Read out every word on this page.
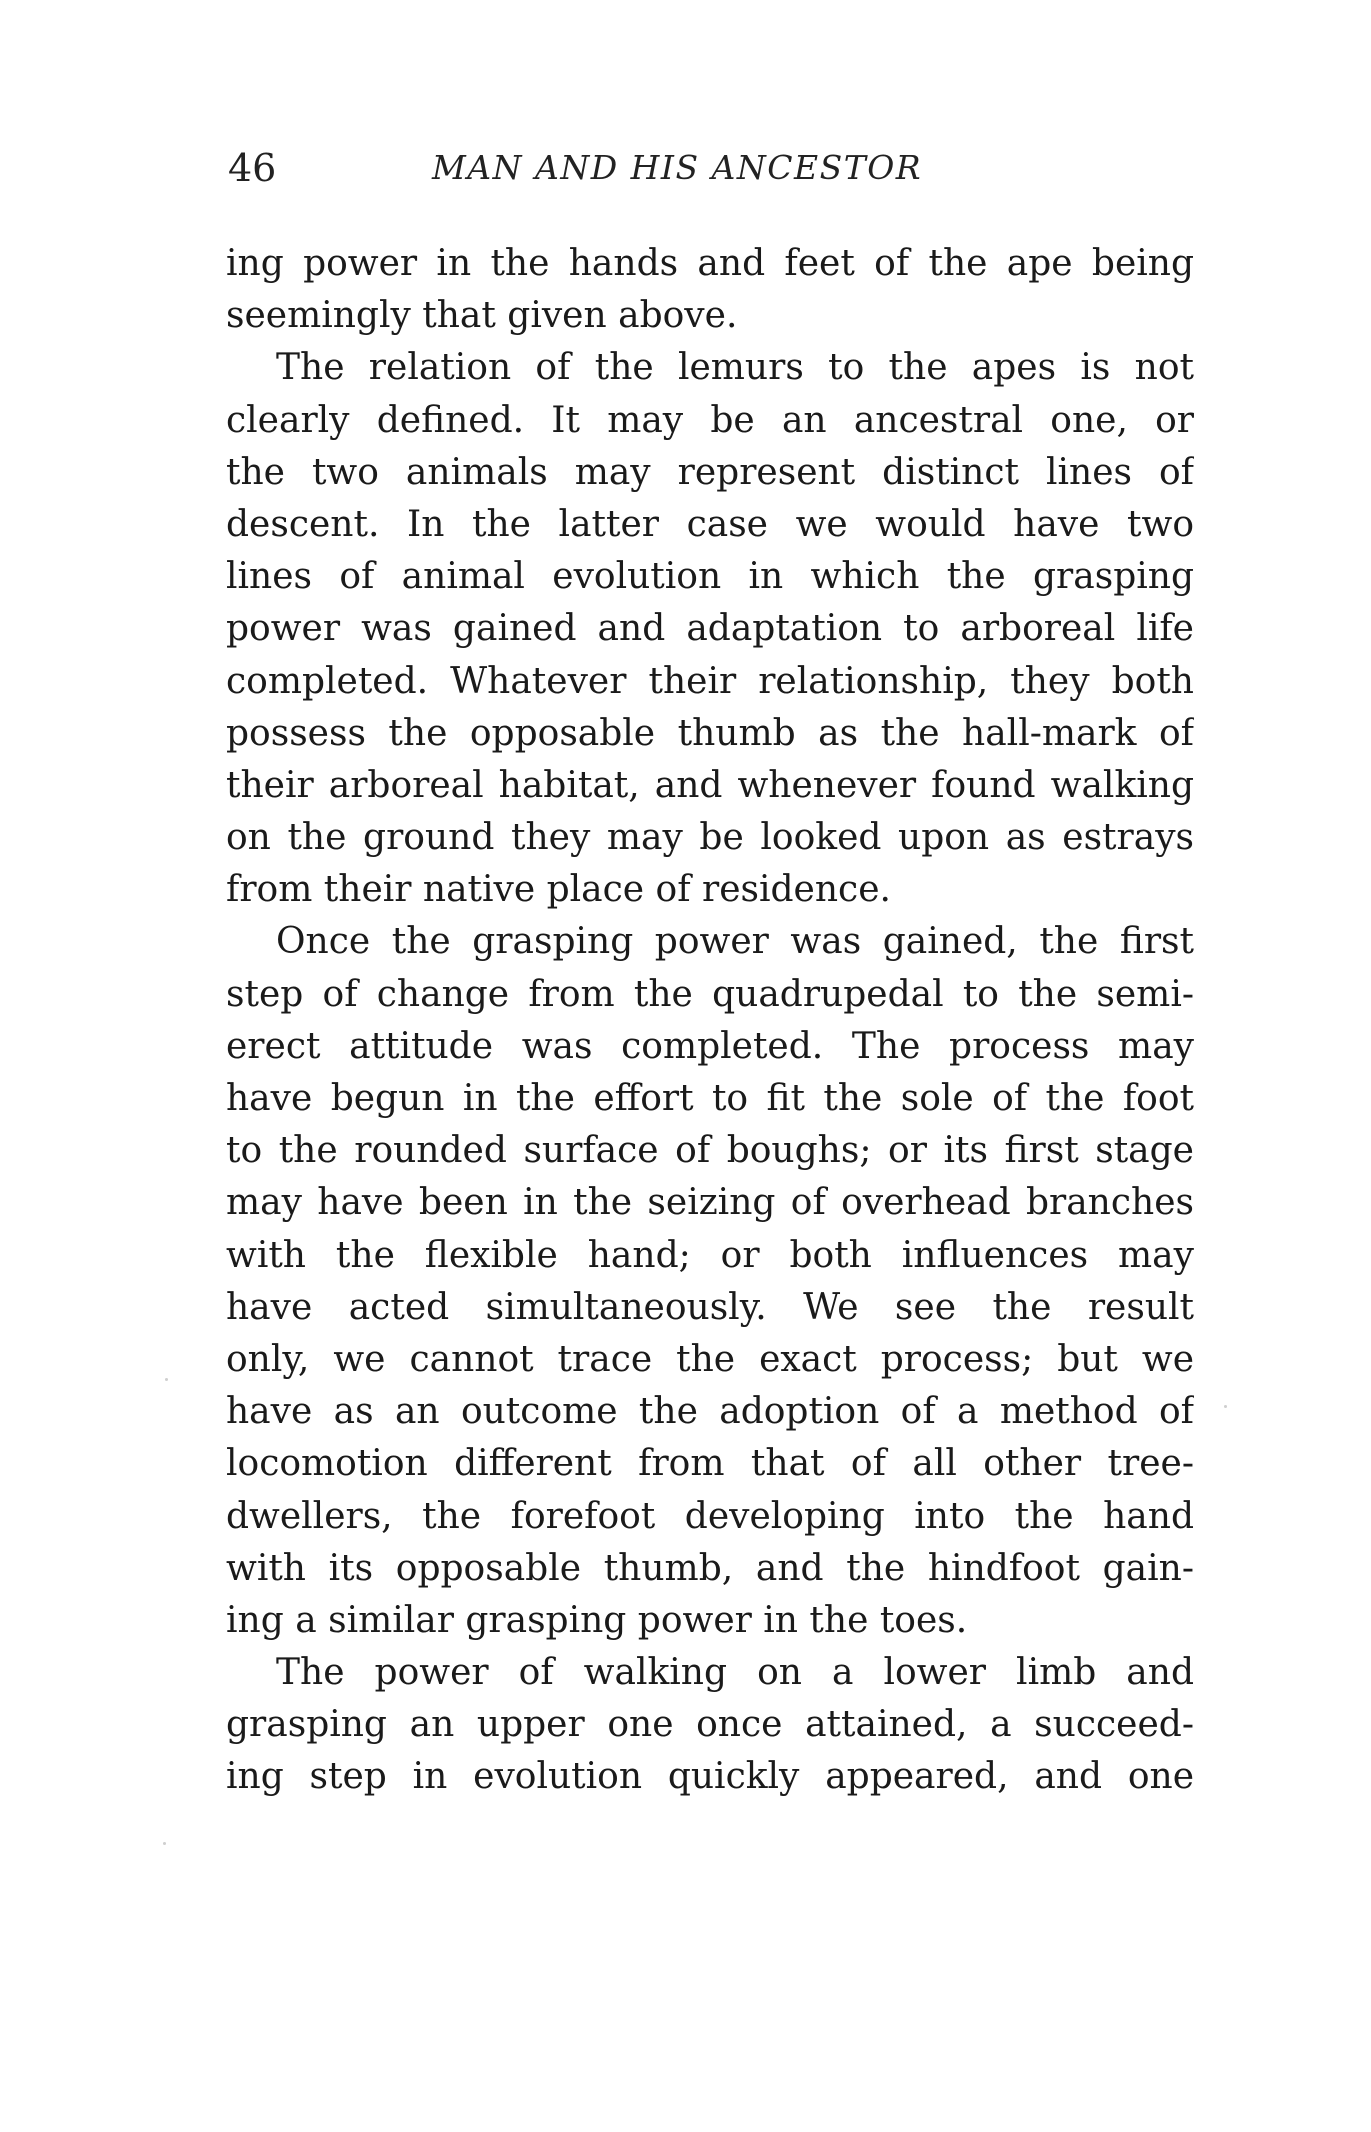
46	MAN AND HIS ANCESTOR
ing power in the hands and feet of the ape being
seemingly that given above.
The relation of the lemurs to the apes is not
clearly defined. It may be an ancestral one, or
the two animals may represent distinct lines of
descent. In the latter case we would have two
lines of animal evolution in which the grasping
power was gained and adaptation to arboreal life
completed. Whatever their relationship, they both
possess the opposable thumb as the hall-mark of
their arboreal habitat, and whenever found walking
on the ground they may be looked upon as estrays
from their native place of residence.
Once the grasping power was gained, the first
step of change from the quadrupedal to the semi-
erect attitude was completed. The process may
have begun in the effort to fit the sole of the foot
to the rounded surface of boughs; or its first stage
may have been in the seizing of overhead branches
with the flexible hand; or both influences may
have acted simultaneously. We see the result
only, we cannot trace the exact process; but we
have as an outcome the adoption of a method of
locomotion different from that of all other tree-
dwellers, the forefoot developing into the hand
with its opposable thumb, and the hindfoot gain-
ing a similar grasping power in the toes.
The power of walking on a lower limb and
grasping an upper one once attained, a succeed-
ing step in evolution quickly appeared, and one
